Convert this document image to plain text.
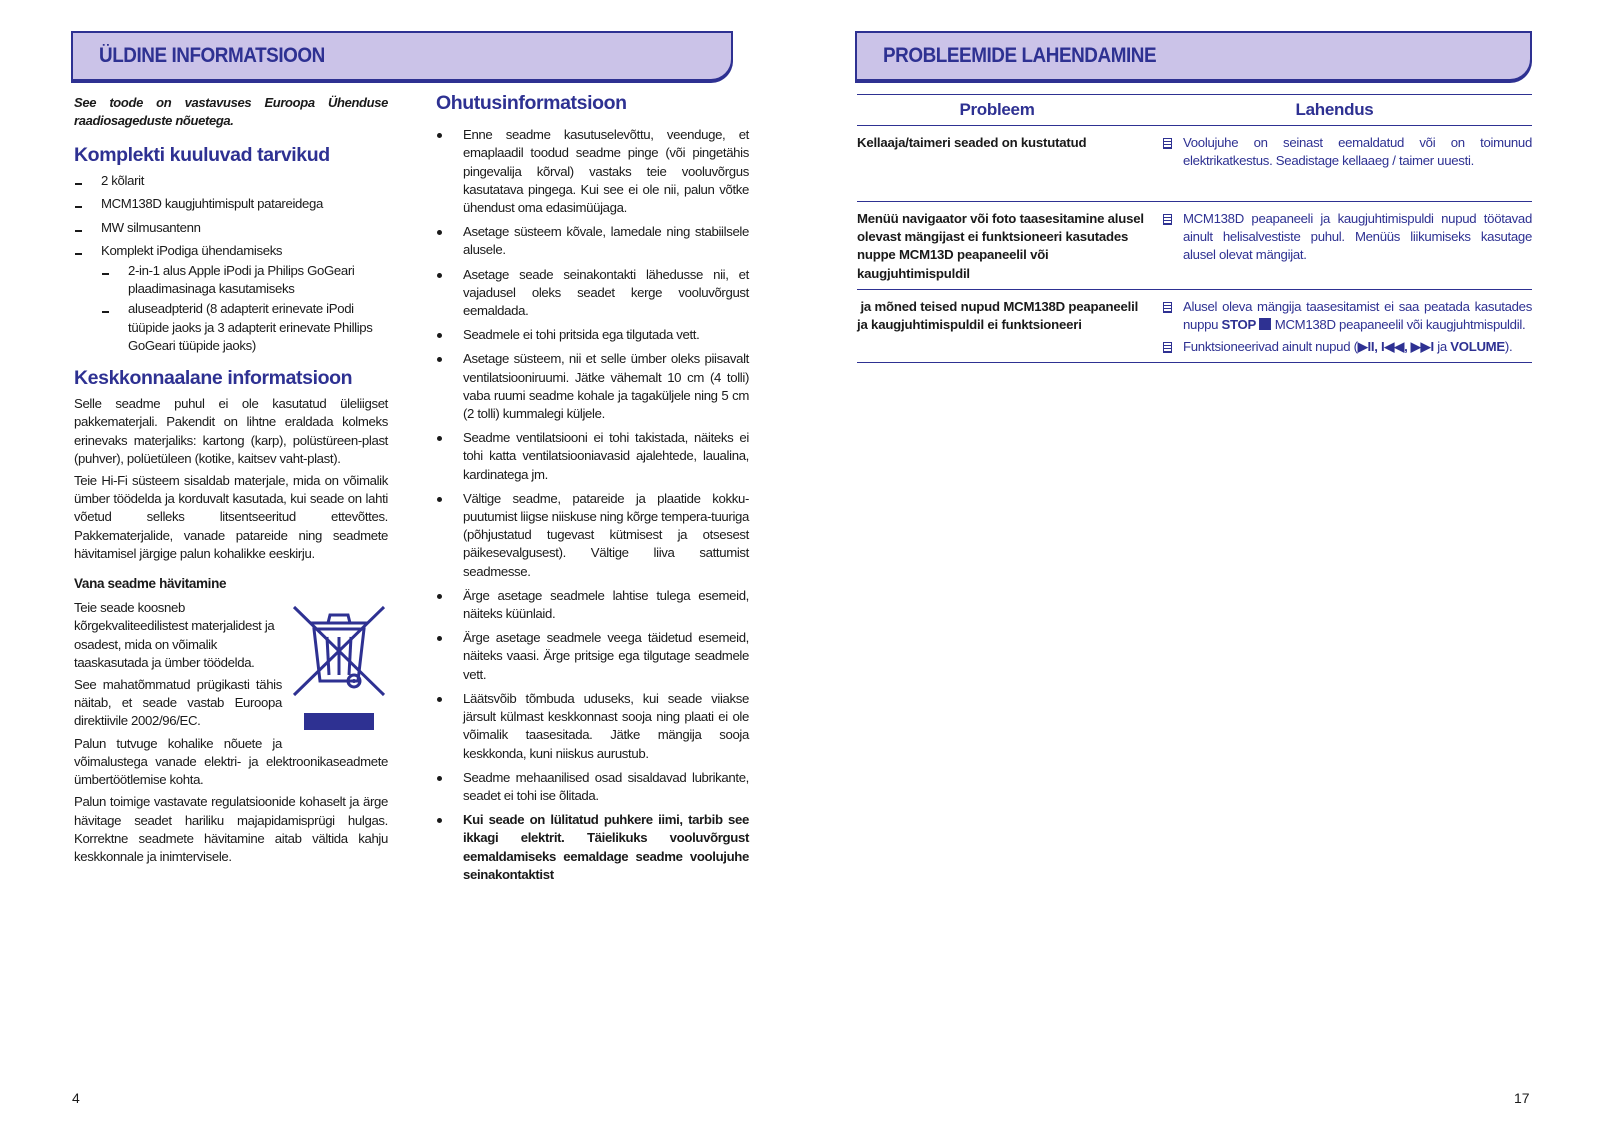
ÜLDINE INFORMATSIOON

See toode on vastavuses Euroopa Ühenduse raadiosageduste nõuetega.

Komplekti kuuluvad tarvikud
2 kõlarit
MCM138D kaugjuhtimispult patareidega
MW silmusantenn
Komplekt iPodiga ühendamiseks
2-in-1 alus Apple iPodi ja Philips GoGeari plaadimasinaga kasutamiseks
aluseadpterid (8 adapterit erinevate iPodi tüüpide jaoks ja 3 adapterit erinevate Phillips GoGeari tüüpide jaoks)
Keskkonnaalane informatsioon

Selle seadme puhul ei ole kasutatud üleliigset pakkematerjali. Pakendit on lihtne eraldada kolmeks erinevaks materjaliks: kartong (karp), polüstüreen-plast (puhver), polüetüleen (kotike, kaitsev vaht-plast).

Teie Hi-Fi süsteem sisaldab materjale, mida on võimalik ümber töödelda ja korduvalt kasutada, kui seade on lahti võetud selleks litsentseeritud ettevõttes. Pakkematerjalide, vanade patareide ning seadmete hävitamisel järgige palun kohalikke eeskirju.

Vana seadme hävitamine

Teie seade koosneb kõrgekvaliteedilistest materjalidest ja osadest, mida on võimalik taaskasutada ja ümber töödelda.

See mahatõmmatud prügikasti tähis näitab, et seade vastab Euroopa direktiivile 2002/96/EC.

Palun tutvuge kohalike nõuete ja võimalustega vanade elektri- ja elektroonikaseadmete ümbertöötlemise kohta.

Palun toimige vastavate regulatsioonide kohaselt ja ärge hävitage seadet hariliku majapidamisprügi hulgas. Korrektne seadmete hävitamine aitab vältida kahju keskkonnale ja inimtervisele.

Ohutusinformatsioon
Enne seadme kasutuselevõttu, veenduge, et emaplaadil toodud seadme pinge (või pingetähis pingevalija kõrval) vastaks teie vooluvõrgus kasutatava pingega. Kui see ei ole nii, palun võtke ühendust oma edasimüüjaga.
Asetage süsteem kõvale, lamedale ning stabiilsele alusele.
Asetage seade seinakontakti lähedusse nii, et vajadusel oleks seadet kerge vooluvõrgust eemaldada.
Seadmele ei tohi pritsida ega tilgutada vett.
Asetage süsteem, nii et selle ümber oleks piisavalt ventilatsiooniruumi. Jätke vähemalt 10 cm (4 tolli) vaba ruumi seadme kohale ja tagaküljele ning 5 cm (2 tolli) kummalegi küljele.
Seadme ventilatsiooni ei tohi takistada, näiteks ei tohi katta ventilatsiooniavasid ajalehtede, laualina, kardinatega jm.
Vältige seadme, patareide ja plaatide kokku-puutumist liigse niiskuse ning kõrge tempera-tuuriga (põhjustatud tugevast kütmisest ja otsesest päikesevalgusest). Vältige liiva sattumist seadmesse.
Ärge asetage seadmele lahtise tulega esemeid, näiteks küünlaid.
Ärge asetage seadmele veega täidetud esemeid, näiteks vaasi. Ärge pritsige ega tilgutage seadmele vett.
Läätsvõib tõmbuda uduseks, kui seade viiakse järsult külmast keskkonnast sooja ning plaati ei ole võimalik taasesitada. Jätke mängija sooja keskkonda, kuni niiskus aurustub.
Seadme mehaanilised osad sisaldavad lubrikante, seadet ei tohi ise õlitada.
Kui seade on lülitatud puhkere iimi, tarbib see ikkagi elektrit. Täielikuks vooluvõrgust eemaldamiseks eemaldage seadme voolujuhe seinakontaktist
4
PROBLEEMIDE LAHENDAMINE
Probleem	Lahendus
Kellaaja/taimeri seaded on kustutatud	Voolujuhe on seinast eemaldatud või on toimunud elektrikatkestus. Seadistage kellaaeg / taimer uuesti.
Menüü navigaator või foto taasesitamine alusel olevast mängijast ei funktsioneeri kasutades nuppe MCM13D peapaneelil või kaugjuhtimispuldil
MCM138D peapaneeli ja kaugjuhtimispuldi nupud töötavad ainult helisalvestiste puhul. Menüüs liikumiseks kasutage alusel olevat mängijat.
ja mõned teised nupud MCM138D peapaneelil ja kaugjuhtimispuldil ei funktsioneeri
Alusel oleva mängija taasesitamist ei saa peatada kasutades nuppu STOP  MCM138D peapaneelil või kaugjuhtmispuldil.
Funktsioneerivad ainult nupud (▶II, I◀◀, ▶▶I ja VOLUME).
17
